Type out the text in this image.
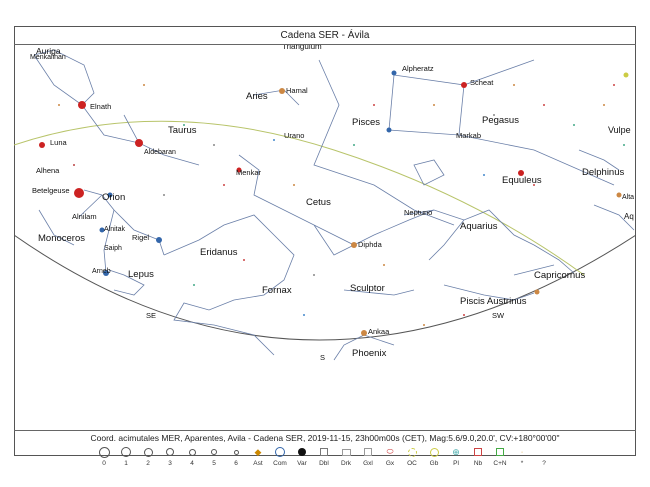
Cadena SER - Ávila
Auriga
Menkalinan
Triangulum
Alpheratz
Scheat
Aries
Hamal
Elnath
Pisces	Pegasus
Vulpe
Taurus	Urano	Markab
Luna
Aldebaran
Menkar
Equuleus
Delphinus
Alhena
Betelgeuse
Orion	Cetus
Neptuno
Aquarius
Alnilam
Alnitak
Rigel
Monoceros
Saiph	Eridanus
Diphda
Arneb Lepus	Capricornus
Fornax	Sculptor
Piscis Austrinus
SE	SW
Ankaa
S	Phoenix
Alta
Aq
Coord. acimutales MER, Aparentes, Avila - Cadena SER, 2019-11-15, 23h00m00s (CET), Mag:5.6/9.0,20.0', CV:+180°00'00"
0	1	2	3	4	5	6
◆
Ast	Com	Var	Dbl	Drk	Gxl
⬭
Gx	OC	Gb
⊕
Pl	Nb	C+N
·
*	?
